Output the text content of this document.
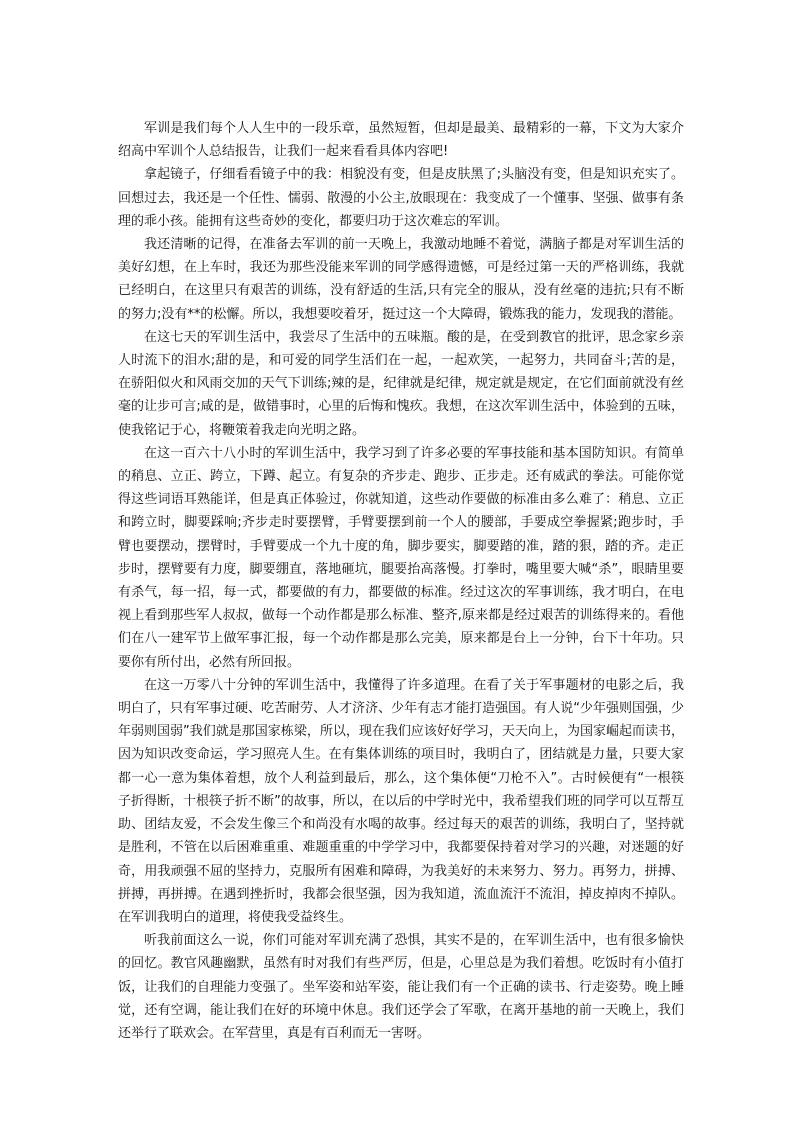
军训是我们每个人人生中的一段乐章，虽然短暂，但却是最美、最精彩的一幕，下文为大家介绍高中军训个人总结报告，让我们一起来看看具体内容吧!

拿起镜子，仔细看看镜子中的我：相貌没有变，但是皮肤黑了;头脑没有变，但是知识充实了。回想过去，我还是一个任性、懦弱、散漫的小公主,放眼现在：我变成了一个懂事、坚强、做事有条理的乖小孩。能拥有这些奇妙的变化，都要归功于这次难忘的军训。

我还清晰的记得，在准备去军训的前一天晚上，我激动地睡不着觉，满脑子都是对军训生活的美好幻想，在上车时，我还为那些没能来军训的同学感得遗憾，可是经过第一天的严格训练，我就已经明白，在这里只有艰苦的训练，没有舒适的生活,只有完全的服从，没有丝毫的违抗;只有不断的努力;没有**的松懈。所以，我想要咬着牙，挺过这一个大障碍，锻炼我的能力，发现我的潜能。

在这七天的军训生活中，我尝尽了生活中的五味瓶。酸的是，在受到教官的批评，思念家乡亲人时流下的泪水;甜的是，和可爱的同学生活们在一起，一起欢笑，一起努力，共同奋斗;苦的是，在骄阳似火和风雨交加的天气下训练;辣的是，纪律就是纪律，规定就是规定，在它们面前就没有丝毫的让步可言;咸的是，做错事时，心里的后悔和愧疚。我想，在这次军训生活中，体验到的五味，使我铭记于心，将鞭策着我走向光明之路。

在这一百六十八小时的军训生活中，我学习到了许多必要的军事技能和基本国防知识。有简单的稍息、立正、跨立，下蹲、起立。有复杂的齐步走、跑步、正步走。还有威武的拳法。可能你觉得这些词语耳熟能详，但是真正体验过，你就知道，这些动作要做的标准由多么难了：稍息、立正和跨立时，脚要踩响;齐步走时要摆臂，手臂要摆到前一个人的腰部，手要成空拳握紧;跑步时，手臂也要摆动，摆臂时，手臂要成一个九十度的角，脚步要实，脚要踏的准，踏的狠，踏的齐。走正步时，摆臂要有力度，脚要绷直，落地砸坑，腿要抬高落慢。打拳时，嘴里要大喊“杀”，眼睛里要有杀气，每一招，每一式，都要做的有力，都要做的标准。经过这次的军事训练，我才明白，在电视上看到那些军人叔叔，做每一个动作都是那么标准、整齐,原来都是经过艰苦的训练得来的。看他们在八一建军节上做军事汇报，每一个动作都是那么完美，原来都是台上一分钟，台下十年功。只要你有所付出，必然有所回报。

在这一万零八十分钟的军训生活中，我懂得了许多道理。在看了关于军事题材的电影之后，我明白了，只有军事过硬、吃苦耐劳、人才济济、少年有志才能打造强国。有人说“少年强则国强，少年弱则国弱”我们就是那国家栋梁，所以，现在我们应该好好学习，天天向上，为国家崛起而读书，因为知识改变命运，学习照亮人生。在有集体训练的项目时，我明白了，团结就是力量，只要大家都一心一意为集体着想，放个人利益到最后，那么，这个集体便“刀枪不入”。古时候便有“一根筷子折得断，十根筷子折不断”的故事，所以，在以后的中学时光中，我希望我们班的同学可以互帮互助、团结友爱，不会发生像三个和尚没有水喝的故事。经过每天的艰苦的训练，我明白了，坚持就是胜利，不管在以后困难重重、难题重重的中学学习中，我都要保持着对学习的兴趣，对迷题的好奇，用我顽强不屈的坚持力，克服所有困难和障碍，为我美好的未来努力、努力。再努力，拼搏、拼搏，再拼搏。在遇到挫折时，我都会很坚强，因为我知道，流血流汗不流泪，掉皮掉肉不掉队。在军训我明白的道理，将使我受益终生。

听我前面这么一说，你们可能对军训充满了恐惧，其实不是的，在军训生活中，也有很多愉快的回忆。教官风趣幽默，虽然有时对我们有些严厉，但是，心里总是为我们着想。吃饭时有小值打饭，让我们的自理能力变强了。坐军姿和站军姿，能让我们有一个正确的读书、行走姿势。晚上睡觉，还有空调，能让我们在好的环境中休息。我们还学会了军歌，在离开基地的前一天晚上，我们还举行了联欢会。在军营里，真是有百利而无一害呀。
